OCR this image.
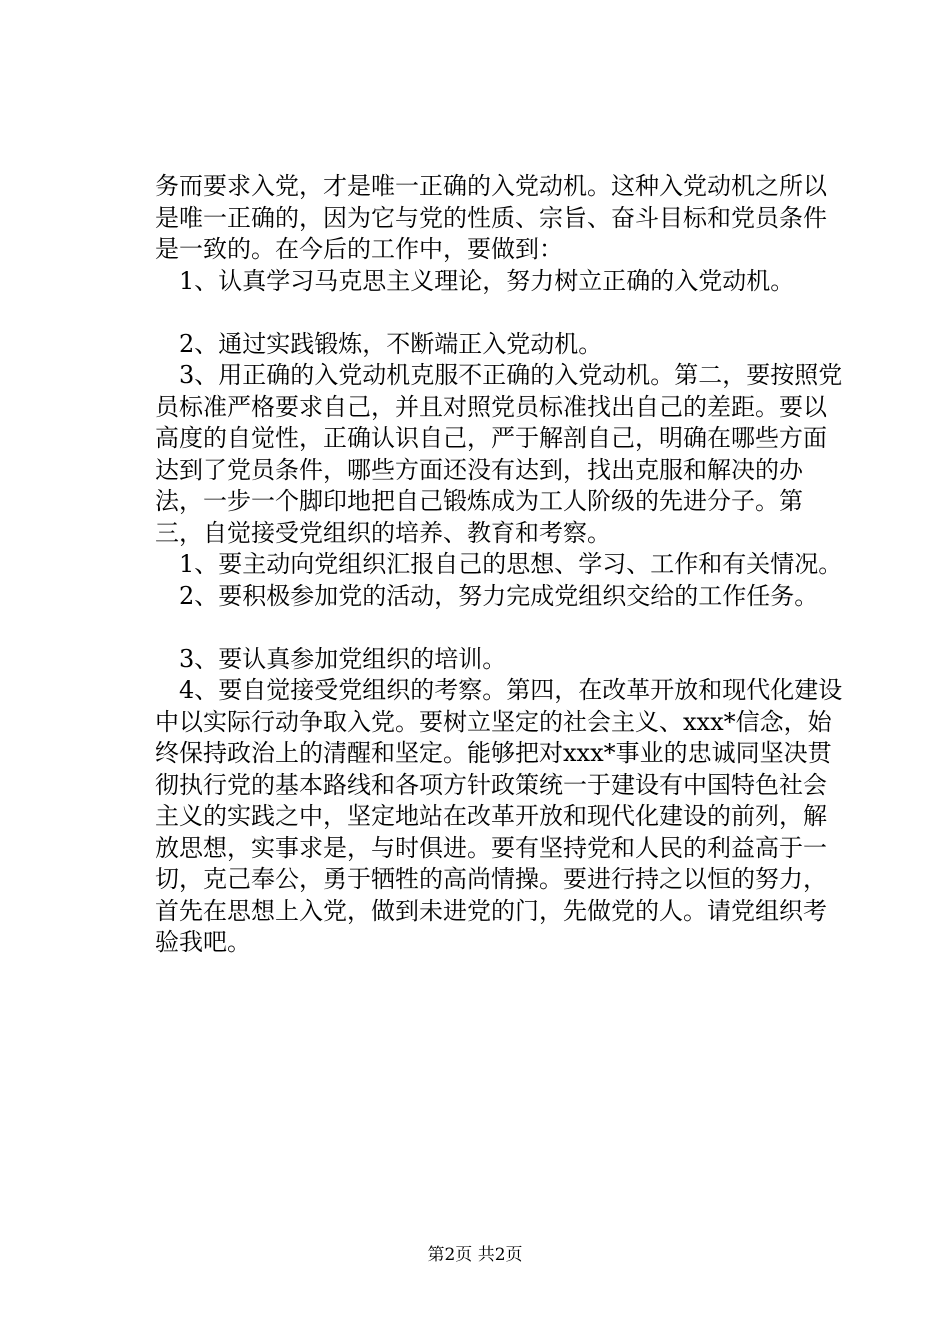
务而要求入党，才是唯一正确的入党动机。这种入党动机之所以是唯一正确的，因为它与党的性质、宗旨、奋斗目标和党员条件是一致的。在今后的工作中，要做到：

1、认真学习马克思主义理论，努力树立正确的入党动机。

2、通过实践锻炼，不断端正入党动机。

3、用正确的入党动机克服不正确的入党动机。第二，要按照党员标准严格要求自己，并且对照党员标准找出自己的差距。要以高度的自觉性，正确认识自己，严于解剖自己，明确在哪些方面达到了党员条件，哪些方面还没有达到，找出克服和解决的办法，一步一个脚印地把自己锻炼成为工人阶级的先进分子。第三，自觉接受党组织的培养、教育和考察。

1、要主动向党组织汇报自己的思想、学习、工作和有关情况。

2、要积极参加党的活动，努力完成党组织交给的工作任务。

3、要认真参加党组织的培训。

4、要自觉接受党组织的考察。第四，在改革开放和现代化建设中以实际行动争取入党。要树立坚定的社会主义、xxx*信念，始终保持政治上的清醒和坚定。能够把对xxx*事业的忠诚同坚决贯彻执行党的基本路线和各项方针政策统一于建设有中国特色社会主义的实践之中，坚定地站在改革开放和现代化建设的前列，解放思想，实事求是，与时俱进。要有坚持党和人民的利益高于一切，克己奉公，勇于牺牲的高尚情操。要进行持之以恒的努力，首先在思想上入党，做到未进党的门，先做党的人。请党组织考验我吧。

第2页 共2页
